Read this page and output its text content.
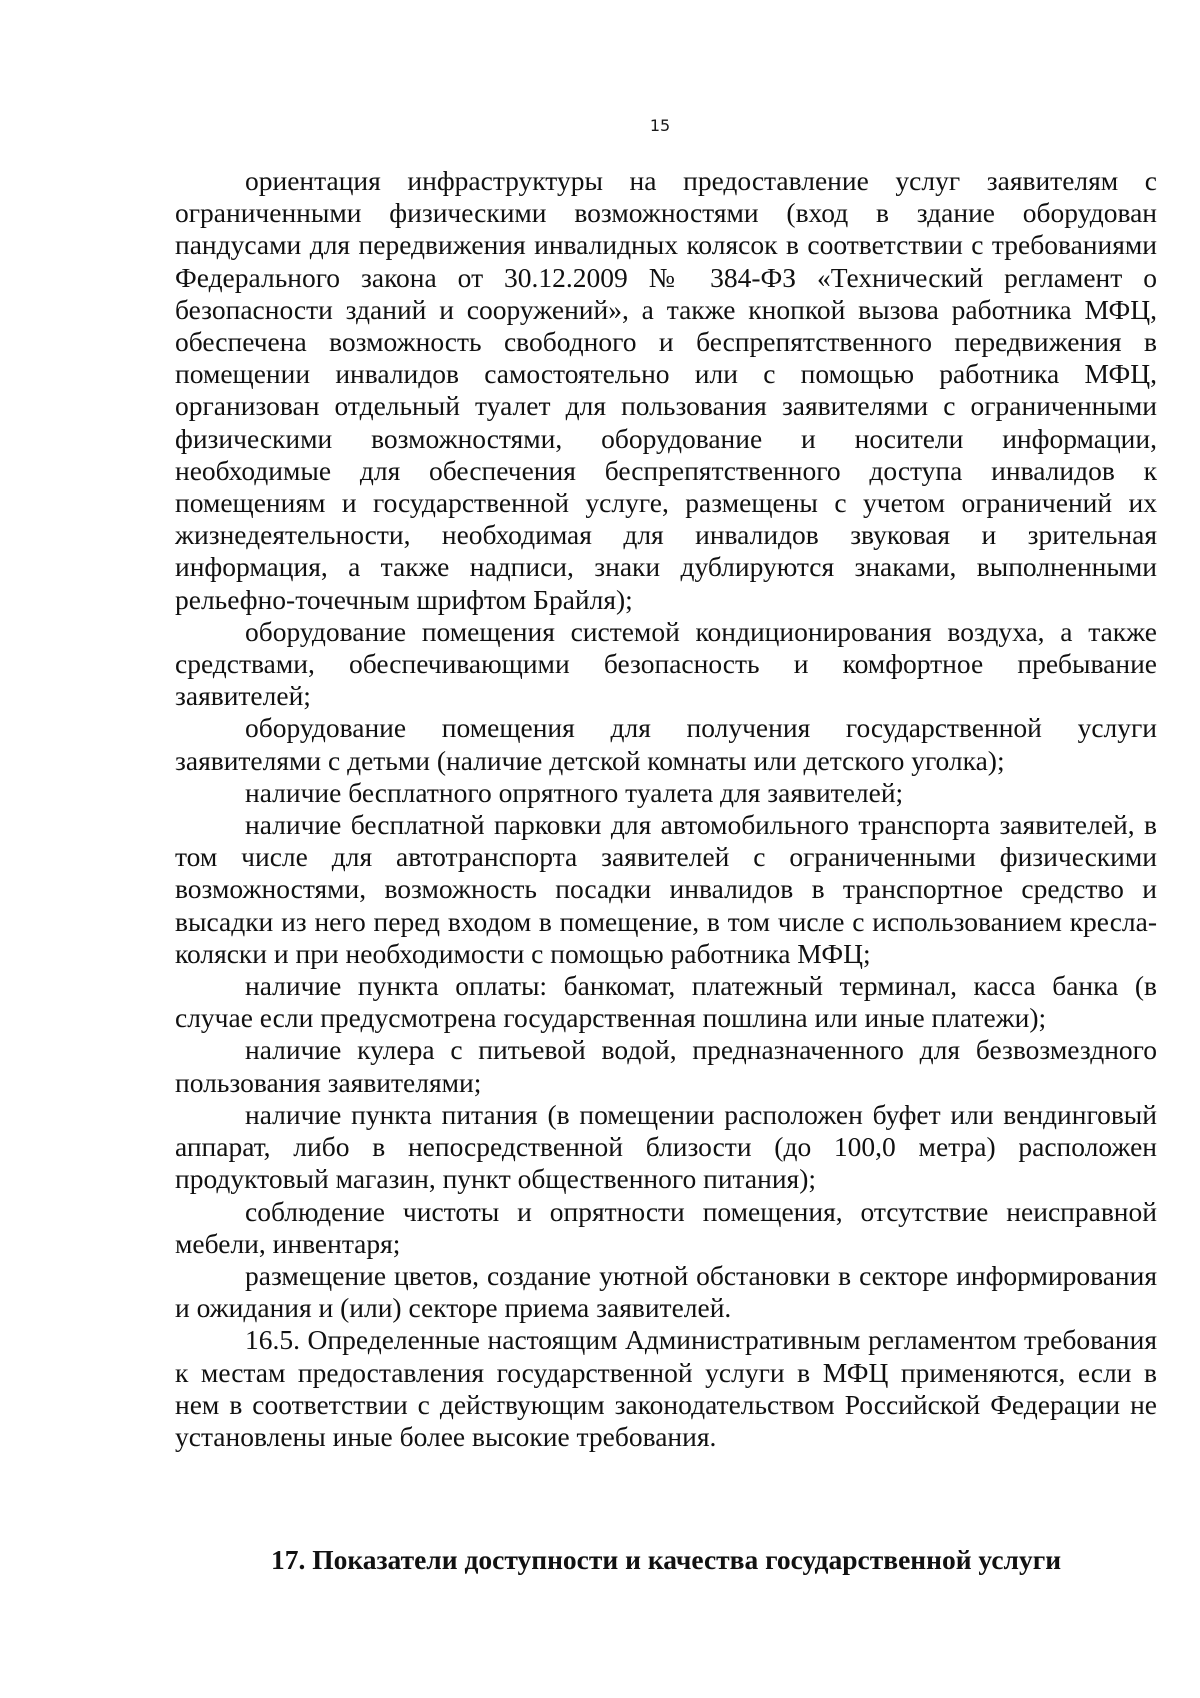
15

ориентация инфраструктуры на предоставление услуг заявителям с ограниченными физическими возможностями (вход в здание оборудован пандусами для передвижения инвалидных колясок в соответствии с требованиями Федерального закона от 30.12.2009 № 384-ФЗ «Технический регламент о безопасности зданий и сооружений», а также кнопкой вызова работника МФЦ, обеспечена возможность свободного и беспрепятственного передвижения в помещении инвалидов самостоятельно или с помощью работника МФЦ, организован отдельный туалет для пользования заявителями с ограниченными физическими возможностями, оборудование и носители информации, необходимые для обеспечения беспрепятственного доступа инвалидов к помещениям и государственной услуге, размещены с учетом ограничений их жизнедеятельности, необходимая для инвалидов звуковая и зрительная информация, а также надписи, знаки дублируются знаками, выполненными рельефно-точечным шрифтом Брайля);

оборудование помещения системой кондиционирования воздуха, а также средствами, обеспечивающими безопасность и комфортное пребывание заявителей;

оборудование помещения для получения государственной услуги заявителями с детьми (наличие детской комнаты или детского уголка);

наличие бесплатного опрятного туалета для заявителей;

наличие бесплатной парковки для автомобильного транспорта заявителей, в том числе для автотранспорта заявителей с ограниченными физическими возможностями, возможность посадки инвалидов в транспортное средство и высадки из него перед входом в помещение, в том числе с использованием кресла-коляски и при необходимости с помощью работника МФЦ;

наличие пункта оплаты: банкомат, платежный терминал, касса банка (в случае если предусмотрена государственная пошлина или иные платежи);

наличие кулера с питьевой водой, предназначенного для безвозмездного пользования заявителями;

наличие пункта питания (в помещении расположен буфет или вендинговый аппарат, либо в непосредственной близости (до 100,0 метра) расположен продуктовый магазин, пункт общественного питания);

соблюдение чистоты и опрятности помещения, отсутствие неисправной мебели, инвентаря;

размещение цветов, создание уютной обстановки в секторе информирования и ожидания и (или) секторе приема заявителей.

16.5. Определенные настоящим Административным регламентом требования к местам предоставления государственной услуги в МФЦ применяются, если в нем в соответствии с действующим законодательством Российской Федерации не установлены иные более высокие требования.

17. Показатели доступности и качества государственной услуги
